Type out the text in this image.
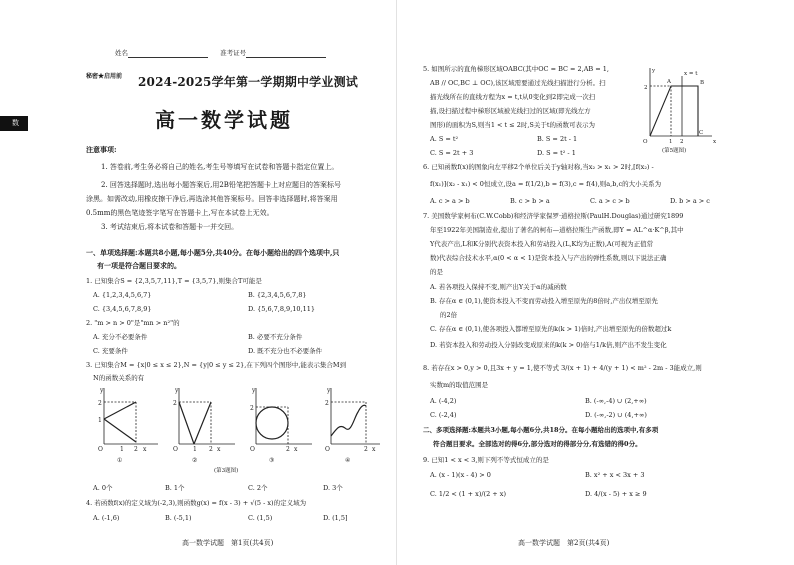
数
姓名	准考证号
秘密★启用前 2024-2025学年第一学期期中学业测试
高一数学试题
注意事项:
1. 答卷前,考生务必将自己的姓名,考生号等填写在试卷和答题卡指定位置上。
2. 回答选择题时,选出每小题答案后,用2B铅笔把答题卡上对应题目的答案标号
涂黑。如需改动,用橡皮擦干净后,再选涂其他答案标号。回答非选择题时,将答案用
0.5mm的黑色笔迹签字笔写在答题卡上,写在本试卷上无效。
3. 考试结束后,将本试卷和答题卡一并交回。
一、单项选择题:本题共8小题,每小题5分,共40分。在每小题给出的四个选项中,只
有一项是符合题目要求的。
1. 已知集合S = {2,3,5,7,11},T = {3,5,7},则集合T可能是
A. {1,2,3,4,5,6,7}	B. {2,3,4,5,6,7,8}
C. {3,4,5,6,7,8,9}	D. {5,6,7,8,9,10,11}
2. "m > n > 0"是"mn > n²"的
A. 充分不必要条件	B. 必要不充分条件
C. 充要条件	D. 既不充分也不必要条件
3. 已知集合M = {x|0 ≤ x ≤ 2},N = {y|0 ≤ y ≤ 2},在下列四个图形中,能表示集合M到
N的函数关系的有
y
2
1
O	1 2 x
y
2
O	1 2 x
y
2
O	2 x
y
2
O	2 x
①	②	③	④
(第3题图)
A. 0个	B. 1个	C. 2个	D. 3个
4. 若函数f(x)的定义域为(-2,3),则函数g(x) = f(x - 3) + √(5 - x)的定义域为
A. (-1,6)	B. (-5,1)	C. (1,5)	D. (1,5]
高一数学试题　第1页(共4页)
5. 如图所示的直角梯形区域OABC(其中OC = BC = 2,AB = 1,
AB // OC,BC ⊥ OC),该区域需要通过光线扫描进行分析。扫
描光线所在的直线方程为x = t,t从0变化到2即完成一次扫
描,设扫描过程中梯形区域被光线扫过的区域(即光线左方
图形)的面积为S,则当1 < t ≤ 2时,S关于t的函数可表示为
A. S = t²	B. S = 2t - 1
C. S = 2t + 3	D. S = t² - 1
y
2
O	1 2	x
A	B
C
x = t
(第5题图)
6. 已知函数f(x)的图象向左平移2个单位后关于y轴对称,当x₂ > x₁ > 2时,[f(x₂) -
f(x₁)](x₂ - x₁) < 0恒成立,设a = f(1/2),b = f(3),c = f(4),则a,b,c的大小关系为
A. c > a > b	B. c > b > a	C. a > c > b	D. b > a > c
7. 美国数学家柯布(C.W.Cobb)和经济学家保罗·道格拉斯(PaulH.Douglas)通过研究1899
年至1922年美国制造业,提出了著名的柯布—道格拉斯生产函数,即Y = AL^α·K^β,其中
Y代表产出,L和K分别代表资本投入和劳动投入(L,K均为正数),A(可视为正值常
数)代表综合技术水平,α(0 < α < 1)是资本投入与产出的弹性系数,则以下说法正确
的是
A. 若各项投入保持不变,则产出Y关于α的减函数
B. 存在α ∈ (0,1),使资本投入不变而劳动投入增至原先的8倍时,产出仅增至原先
的2倍
C. 存在α ∈ (0,1),使各项投入都增至原先的k(k > 1)倍时,产出增至原先的倍数超过k
D. 若资本投入和劳动投入分别改变成原来的k(k > 0)倍与1/k倍,则产出不发生变化
8. 若存在x > 0,y > 0,且3x + y = 1,使不等式 3/(x + 1) + 4/(y + 1) < m² - 2m - 3能成立,则
实数m的取值范围是
A. (-4,2)	B. (-∞,-4) ∪ (2,+∞)
C. (-2,4)	D. (-∞,-2) ∪ (4,+∞)
二、多项选择题:本题共3小题,每小题6分,共18分。在每小题给出的选项中,有多项
符合题目要求。全部选对的得6分,部分选对的得部分分,有选错的得0分。
9. 已知1 < x < 3,则下列不等式恒成立的是
A. (x - 1)(x - 4) > 0	B. x² + x < 3x + 3
C. 1/2 < (1 + x)/(2 + x)	D. 4/(x - 5) + x ≥ 9
高一数学试题　第2页(共4页)
